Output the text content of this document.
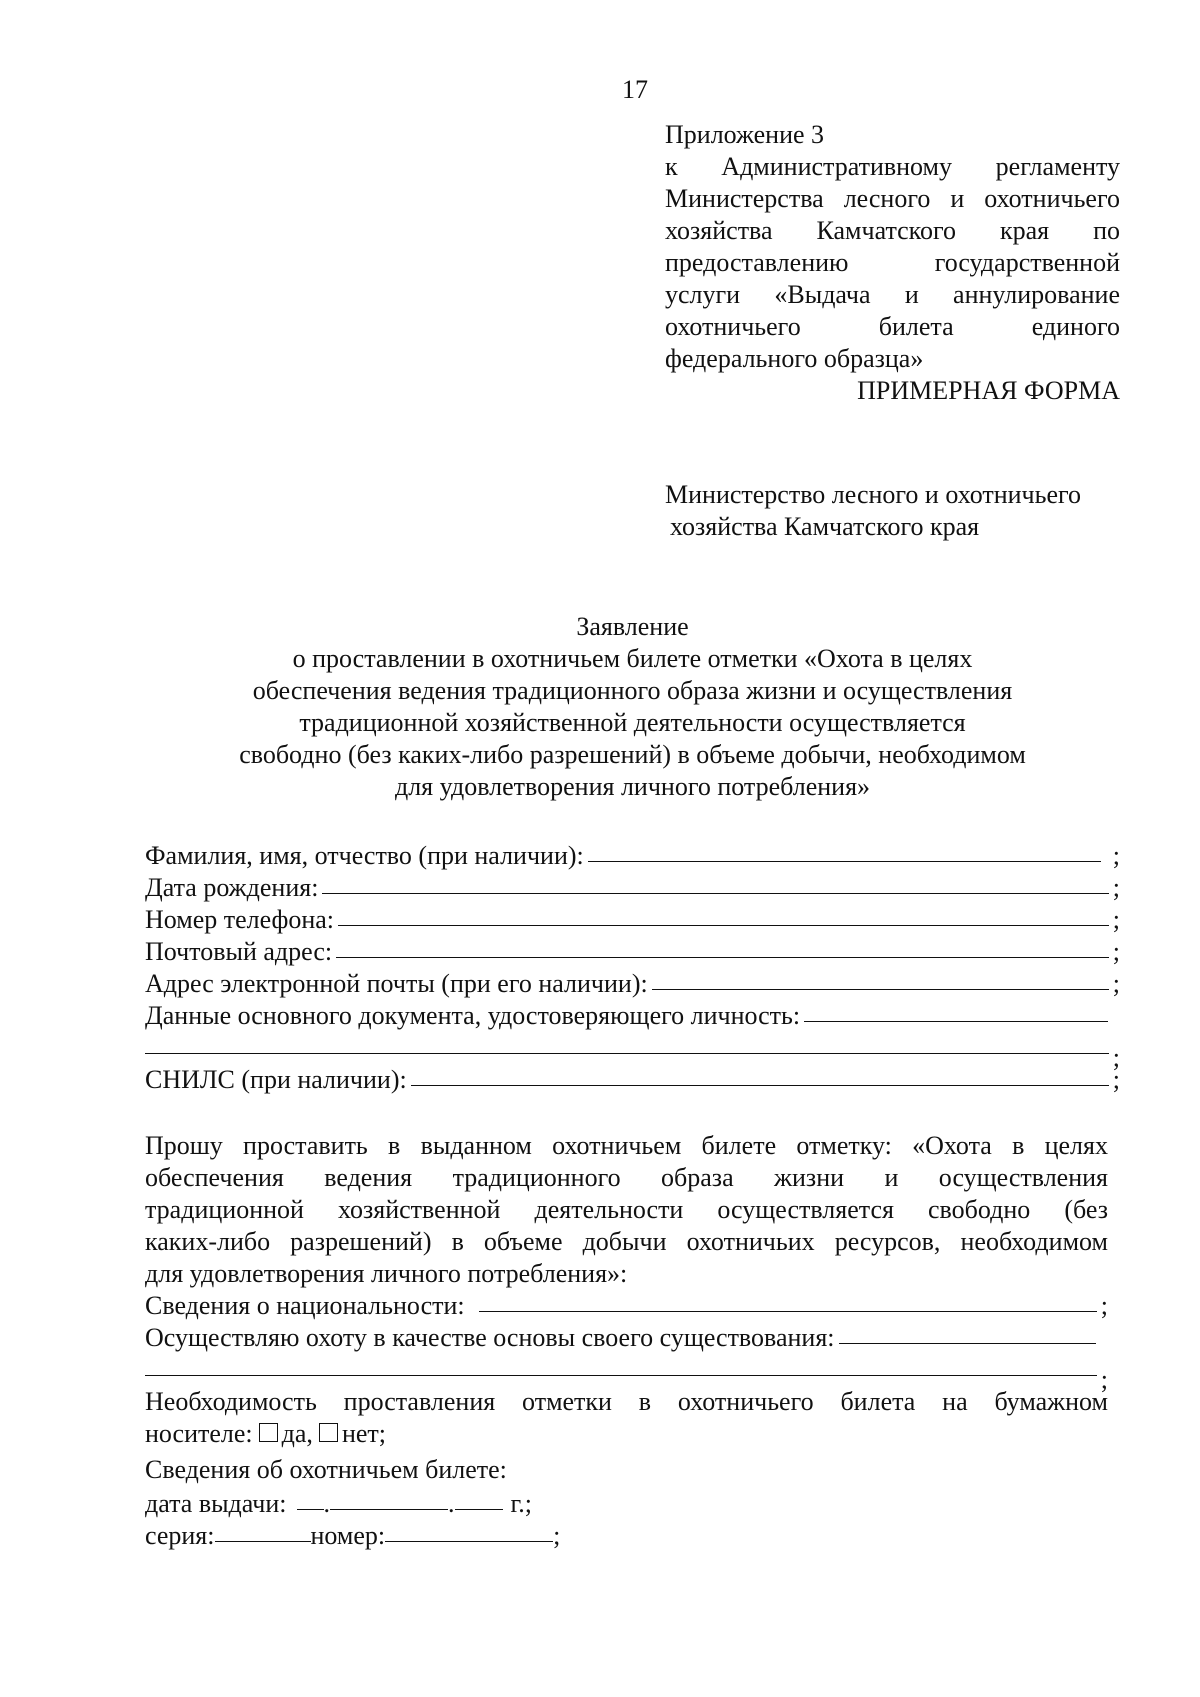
17
Приложение 3
к Административному регламенту
Министерства лесного и охотничьего
хозяйства Камчатского края по
предоставлению государственной
услуги «Выдача и аннулирование
охотничьего билета единого
федерального образца»
ПРИМЕРНАЯ ФОРМА
Министерство лесного и охотничьего
хозяйства Камчатского края
Заявление
о проставлении в охотничьем билете отметки «Охота в целях
обеспечения ведения традиционного образа жизни и осуществления
традиционной хозяйственной деятельности осуществляется
свободно (без каких-либо разрешений) в объеме добычи, необходимом
для удовлетворения личного потребления»
Фамилия, имя, отчество (при наличии):	;
Дата рождения:	;
Номер телефона:	;
Почтовый адрес:	;
Адрес электронной почты (при его наличии):	;
Данные основного документа, удостоверяющего личность:
;
СНИЛС (при наличии):	;
Прошу проставить в выданном охотничьем билете отметку: «Охота в целях
обеспечения ведения традиционного образа жизни и осуществления
традиционной хозяйственной деятельности осуществляется свободно (без
каких-либо разрешений) в объеме добычи охотничьих ресурсов, необходимом
для удовлетворения личного потребления»:
Сведения о национальности:	;
Осуществляю охоту в качестве основы своего существования:
;
Необходимость проставления отметки в охотничьего билета на бумажном
носителе: да, нет;
Сведения об охотничьем билете:
дата выдачи: .	. г.;
серия:	номер:	;
